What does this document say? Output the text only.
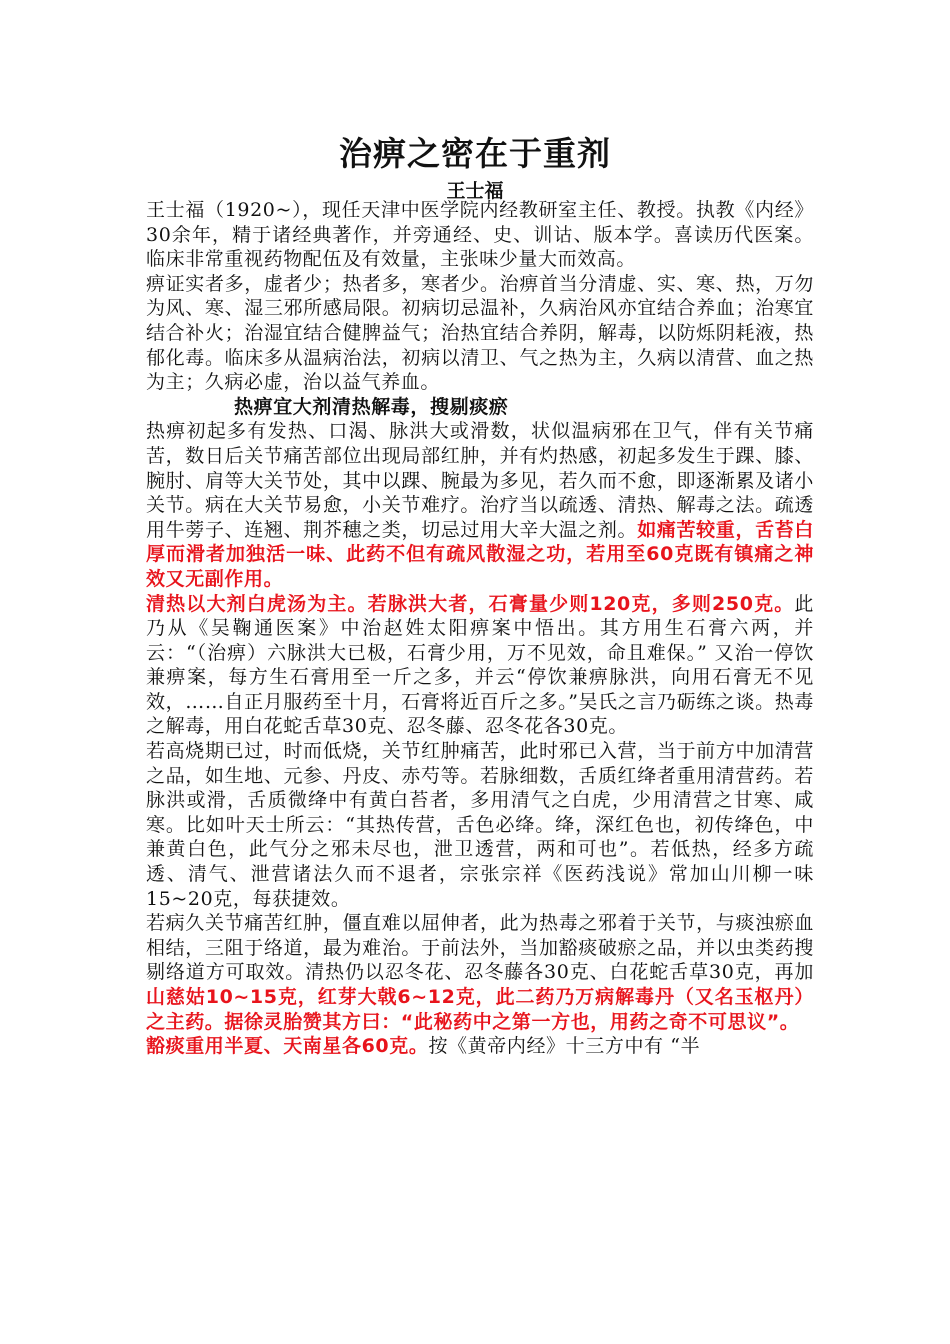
治痹之密在于重剂
王士福

王士福（1920~），现任天津中医学院内经教研室主任、教授。执教《内经》30余年，精于诸经典著作，并旁通经、史、训诂、版本学。喜读历代医案。临床非常重视药物配伍及有效量，主张味少量大而效高。

痹证实者多，虚者少；热者多，寒者少。治痹首当分清虚、实、寒、热，万勿为风、寒、湿三邪所感局限。初病切忌温补，久病治风亦宜结合养血；治寒宜结合补火；治湿宜结合健脾益气；治热宜结合养阴，解毒，以防烁阴耗液，热郁化毒。临床多从温病治法，初病以清卫、气之热为主，久病以清营、血之热为主；久病必虚，治以益气养血。

热痹宜大剂清热解毒，搜剔痰瘀

热痹初起多有发热、口渴、脉洪大或滑数，状似温病邪在卫气，伴有关节痛苦，数日后关节痛苦部位出现局部红肿，并有灼热感，初起多发生于踝、膝、腕肘、肩等大关节处，其中以踝、腕最为多见，若久而不愈，即逐渐累及诸小关节。病在大关节易愈，小关节难疗。治疗当以疏透、清热、解毒之法。疏透用牛蒡子、连翘、荆芥穗之类，切忌过用大辛大温之剂。如痛苦较重，舌苔白厚而滑者加独活一味、此药不但有疏风散湿之功，若用至60克既有镇痛之神效又无副作用。

清热以大剂白虎汤为主。若脉洪大者，石膏量少则120克，多则250克。此乃从《吴鞠通医案》中治赵姓太阳痹案中悟出。其方用生石膏六两，并云：“（治痹）六脉洪大已极，石膏少用，万不见效，命且难保。” 又治一停饮兼痹案，每方生石膏用至一斤之多，并云“停饮兼痹脉洪，向用石膏无不见效，……自正月服药至十月，石膏将近百斤之多。”吴氏之言乃砺练之谈。热毒之解毒，用白花蛇舌草30克、忍冬藤、忍冬花各30克。

若高烧期已过，时而低烧，关节红肿痛苦，此时邪已入营，当于前方中加清营之品，如生地、元参、丹皮、赤芍等。若脉细数，舌质红绛者重用清营药。若脉洪或滑，舌质微绛中有黄白苔者，多用清气之白虎，少用清营之甘寒、咸寒。比如叶天士所云：“其热传营，舌色必绛。绛，深红色也，初传绛色，中兼黄白色，此气分之邪未尽也，泄卫透营，两和可也”。若低热，经多方疏透、清气、泄营诸法久而不退者，宗张宗祥《医药浅说》常加山川柳一味15~20克，每获捷效。

若病久关节痛苦红肿，僵直难以屈伸者，此为热毒之邪着于关节，与痰浊瘀血相结，三阻于络道，最为难治。于前法外，当加豁痰破瘀之品，并以虫类药搜剔络道方可取效。清热仍以忍冬花、忍冬藤各30克、白花蛇舌草30克，再加山慈姑10~15克，红芽大戟6~12克，此二药乃万病解毒丹（又名玉枢丹）之主药。据徐灵胎赞其方曰：“此秘药中之第一方也，用药之奇不可思议”。

豁痰重用半夏、天南星各60克。按《黄帝内经》十三方中有 “半
